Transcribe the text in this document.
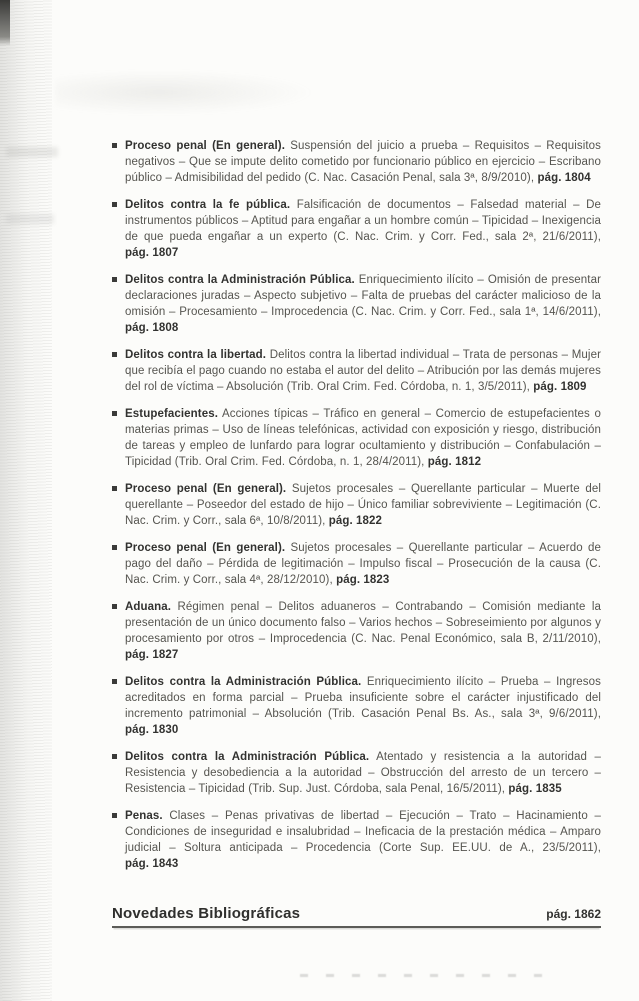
Proceso penal (En general). Suspensión del juicio a prueba – Requisitos – Requisitos negativos – Que se impute delito cometido por funcionario público en ejercicio – Escribano público – Admisibilidad del pedido (C. Nac. Casación Penal, sala 3ª, 8/9/2010), pág. 1804

Delitos contra la fe pública. Falsificación de documentos – Falsedad material – De instrumentos públicos – Aptitud para engañar a un hombre común – Tipicidad – Inexigencia de que pueda engañar a un experto (C. Nac. Crim. y Corr. Fed., sala 2ª, 21/6/2011), pág. 1807

Delitos contra la Administración Pública. Enriquecimiento ilícito – Omisión de presentar declaraciones juradas – Aspecto subjetivo – Falta de pruebas del carácter malicioso de la omisión – Procesamiento – Improcedencia (C. Nac. Crim. y Corr. Fed., sala 1ª, 14/6/2011), pág. 1808

Delitos contra la libertad. Delitos contra la libertad individual – Trata de personas – Mujer que recibía el pago cuando no estaba el autor del delito – Atribución por las demás mujeres del rol de víctima – Absolución (Trib. Oral Crim. Fed. Córdoba, n. 1, 3/5/2011), pág. 1809

Estupefacientes. Acciones típicas – Tráfico en general – Comercio de estupefacientes o materias primas – Uso de líneas telefónicas, actividad con exposición y riesgo, distribución de tareas y empleo de lunfardo para lograr ocultamiento y distribución – Confabulación – Tipicidad (Trib. Oral Crim. Fed. Córdoba, n. 1, 28/4/2011), pág. 1812

Proceso penal (En general). Sujetos procesales – Querellante particular – Muerte del querellante – Poseedor del estado de hijo – Único familiar sobreviviente – Legitimación (C. Nac. Crim. y Corr., sala 6ª, 10/8/2011), pág. 1822

Proceso penal (En general). Sujetos procesales – Querellante particular – Acuerdo de pago del daño – Pérdida de legitimación – Impulso fiscal – Prosecución de la causa (C. Nac. Crim. y Corr., sala 4ª, 28/12/2010), pág. 1823

Aduana. Régimen penal – Delitos aduaneros – Contrabando – Comisión mediante la presentación de un único documento falso – Varios hechos – Sobreseimiento por algunos y procesamiento por otros – Improcedencia (C. Nac. Penal Económico, sala B, 2/11/2010), pág. 1827

Delitos contra la Administración Pública. Enriquecimiento ilícito – Prueba – Ingresos acreditados en forma parcial – Prueba insuficiente sobre el carácter injustificado del incremento patrimonial – Absolución (Trib. Casación Penal Bs. As., sala 3ª, 9/6/2011), pág. 1830

Delitos contra la Administración Pública. Atentado y resistencia a la autoridad – Resistencia y desobediencia a la autoridad – Obstrucción del arresto de un tercero – Resistencia – Tipicidad (Trib. Sup. Just. Córdoba, sala Penal, 16/5/2011), pág. 1835

Penas. Clases – Penas privativas de libertad – Ejecución – Trato – Hacinamiento – Condiciones de inseguridad e insalubridad – Ineficacia de la prestación médica – Amparo judicial – Soltura anticipada – Procedencia (Corte Sup. EE.UU. de A., 23/5/2011), pág. 1843

Novedades Bibliográficas	pág. 1862
